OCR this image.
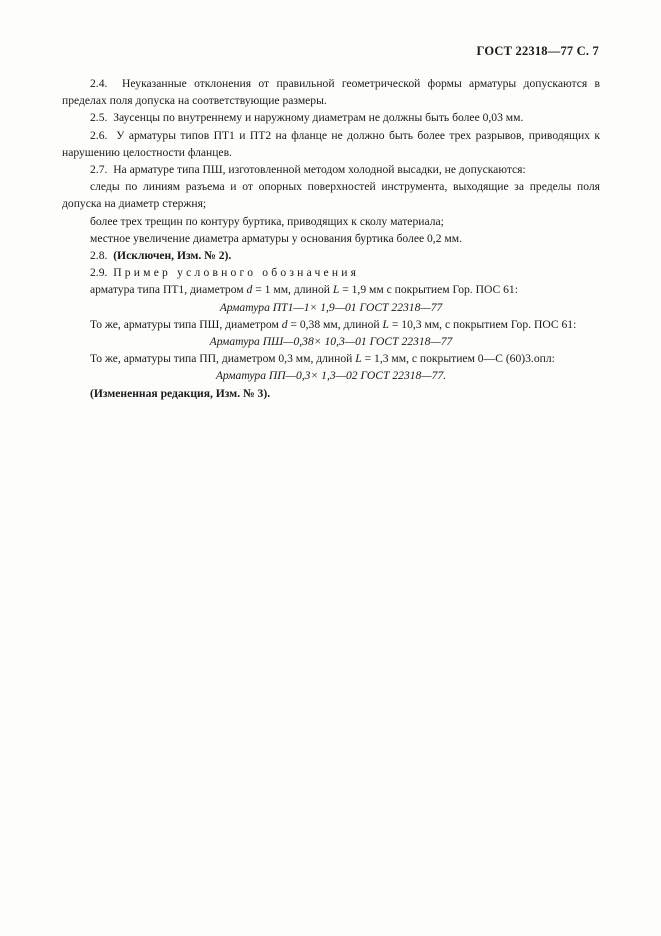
ГОСТ 22318—77 С. 7

2.4. Неуказанные отклонения от правильной геометрической формы арматуры допускаются в пределах поля допуска на соответствующие размеры.

2.5. Заусенцы по внутреннему и наружному диаметрам не должны быть более 0,03 мм.

2.6. У арматуры типов ПТ1 и ПТ2 на фланце не должно быть более трех разрывов, приводящих к нарушению целостности фланцев.

2.7. На арматуре типа ПШ, изготовленной методом холодной высадки, не допускаются:

следы по линиям разъема и от опорных поверхностей инструмента, выходящие за пределы поля допуска на диаметр стержня;

более трех трещин по контуру буртика, приводящих к сколу материала;

местное увеличение диаметра арматуры у основания буртика более 0,2 мм.

2.8. (Исключен, Изм. № 2).

2.9. Пример условного обозначения

арматура типа ПТ1, диаметром d = 1 мм, длиной L = 1,9 мм с покрытием Гор. ПОС 61:

Арматура ПТ1—1× 1,9—01 ГОСТ 22318—77

То же, арматуры типа ПШ, диаметром d = 0,38 мм, длиной L = 10,3 мм, с покрытием Гор. ПОС 61:

Арматура ПШ—0,38× 10,3—01 ГОСТ 22318—77

То же, арматуры типа ПП, диаметром 0,3 мм, длиной L = 1,3 мм, с покрытием 0—С (60)3.опл:

Арматура ПП—0,3× 1,3—02 ГОСТ 22318—77.

(Измененная редакция, Изм. № 3).
